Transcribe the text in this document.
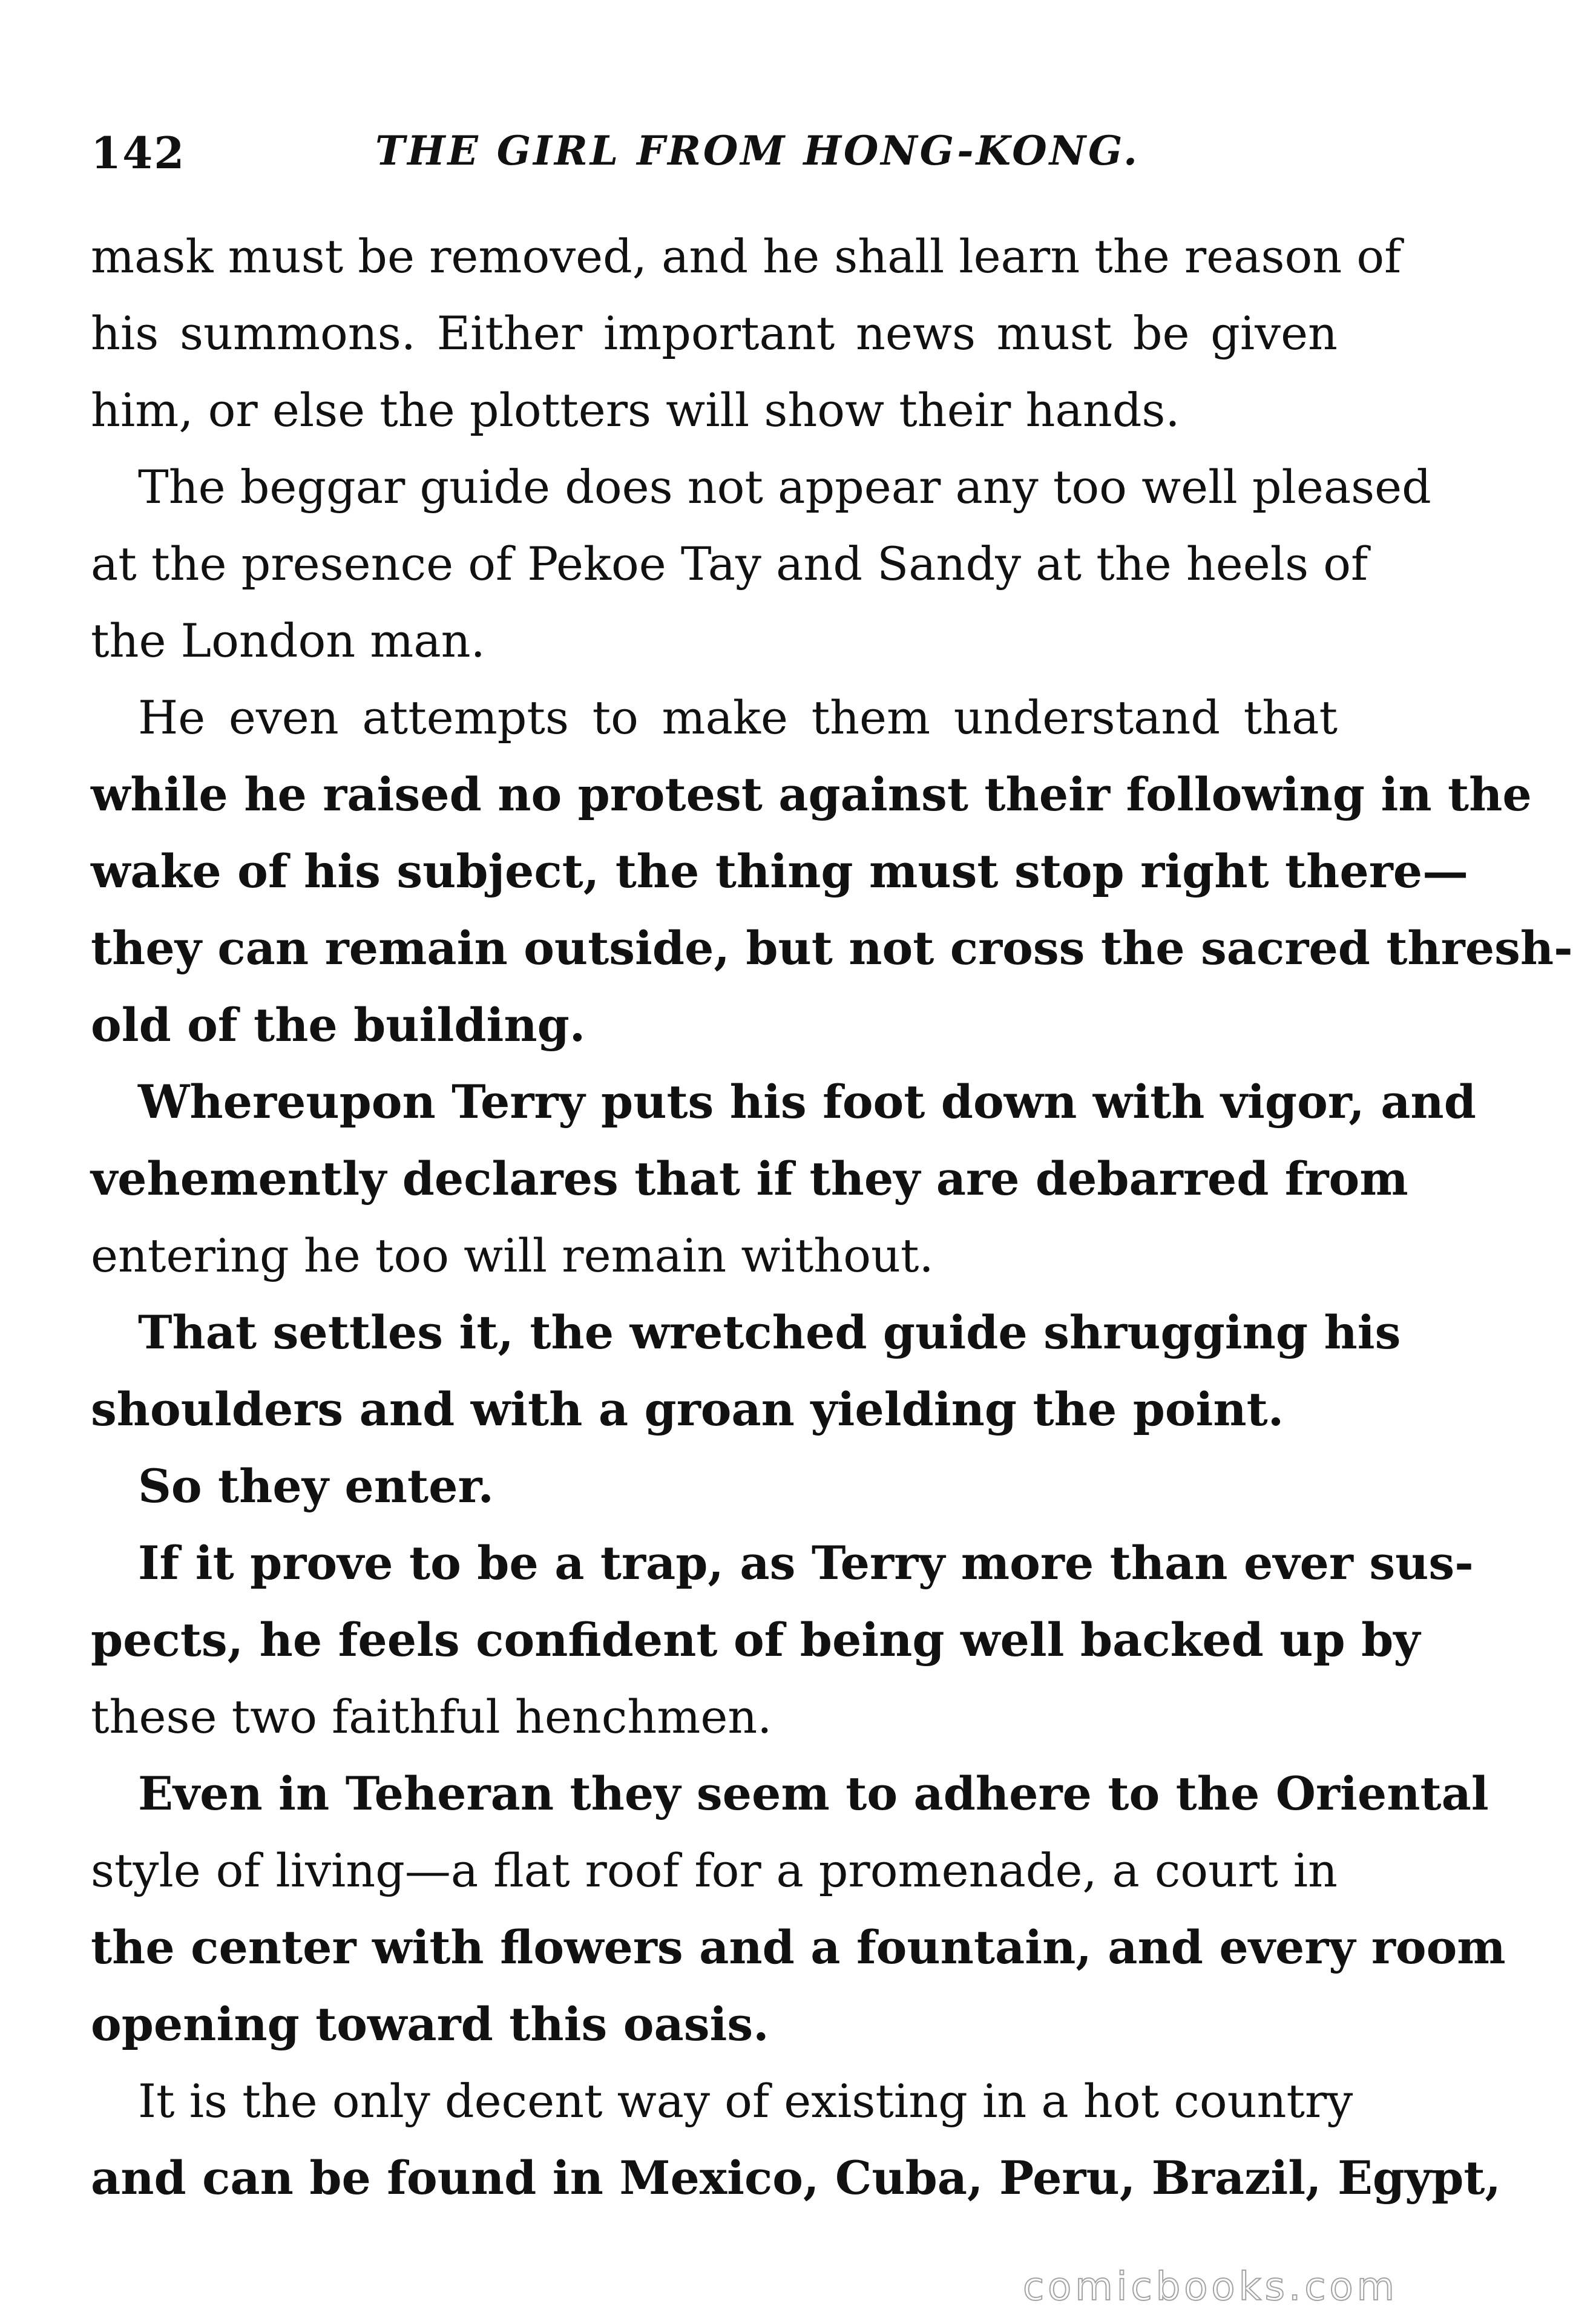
142	THE GIRL FROM HONG-KONG.
mask must be removed, and he shall learn the reason of
his summons. Either important news must be given
him, or else the plotters will show their hands.
The beggar guide does not appear any too well pleased
at the presence of Pekoe Tay and Sandy at the heels of
the London man.
He even attempts to make them understand that
while he raised no protest against their following in the
wake of his subject, the thing must stop right there—
they can remain outside, but not cross the sacred thresh-
old of the building.
Whereupon Terry puts his foot down with vigor, and
vehemently declares that if they are debarred from
entering he too will remain without.
That settles it, the wretched guide shrugging his
shoulders and with a groan yielding the point.
So they enter.
If it prove to be a trap, as Terry more than ever sus-
pects, he feels confident of being well backed up by
these two faithful henchmen.
Even in Teheran they seem to adhere to the Oriental
style of living—a flat roof for a promenade, a court in
the center with flowers and a fountain, and every room
opening toward this oasis.
It is the only decent way of existing in a hot country
and can be found in Mexico, Cuba, Peru, Brazil, Egypt,
comicbooks.com
